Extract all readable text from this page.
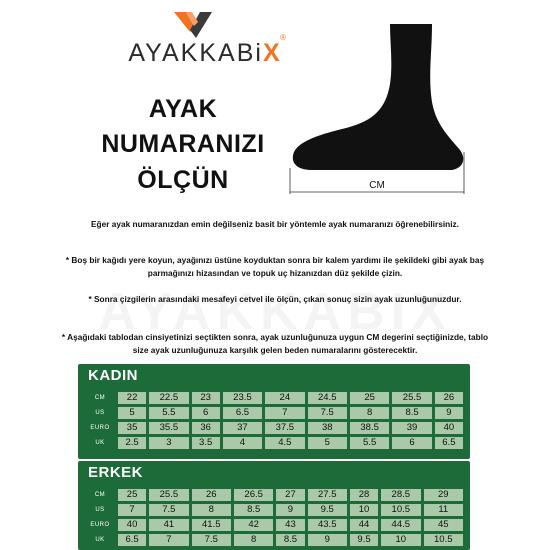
AYAKKABiX
®
AYAK
NUMARANIZI
ÖLÇÜN	CM
Eğer ayak numaranızdan emin değilseniz basit bir yöntemle ayak numaranızı öğrenebilirsiniz.
* Boş bir kağıdı yere koyun, ayağınızı üstüne koyduktan sonra bir kalem yardımı ile şekildeki gibi ayak baş parmağınızı hizasından ve topuk uç hizanızdan düz şekilde çizin.
* Sonra çizgilerin arasındaki mesafeyi cetvel ile ölçün, çıkan sonuç sizin ayak uzunluğunuzdur.
* Aşağıdaki tablodan cinsiyetinizi seçtikten sonra, ayak uzunluğunuza uygun CM degerini seçtiğinizde, tablo size ayak uzunluğunuza karşılık gelen beden numaralarını gösterecektir.
KADIN
CM	22	22.5	23	23.5	24	24.5	25	25.5	26
US	5	5.5	6	6.5	7	7.5	8	8.5	9
EURO	35	35.5	36	37	37.5	38	38.5	39	40
UK	2.5	3	3.5	4	4.5	5	5.5	6	6.5
ERKEK
CM	25	25.5	26	26.5	27	27.5	28	28.5	29
US	7	7.5	8	8.5	9	9.5	10	10.5	11
EURO	40	41	41.5	42	43	43.5	44	44.5	45
UK	6.5	7	7.5	8	8.5	9	9.5	10	10.5
